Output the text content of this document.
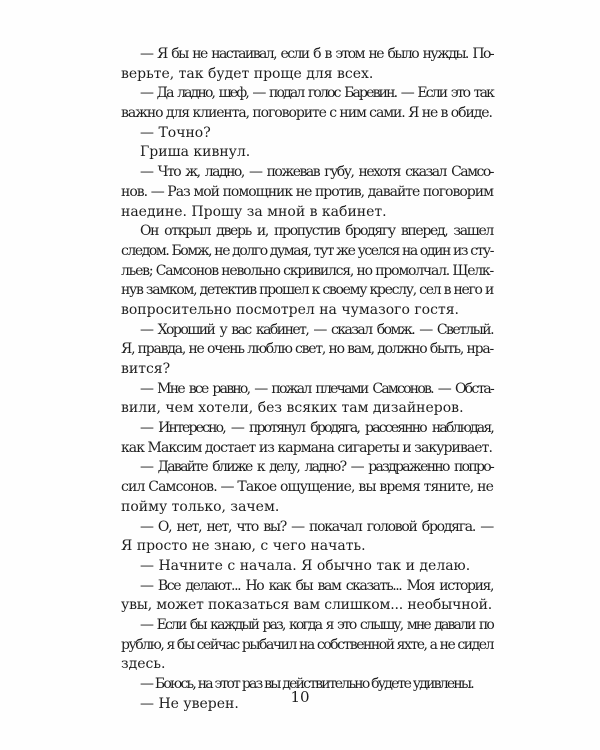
— Я бы не настаивал, если б в этом не было нужды. По-
верьте, так будет проще для всех.
— Да ладно, шеф, — подал голос Баревин. — Если это так
важно для клиента, поговорите с ним сами. Я не в обиде.
— Точно?
Гриша кивнул.
— Что ж, ладно, — пожевав губу, нехотя сказал Самсо-
нов. — Раз мой помощник не против, давайте поговорим
наедине. Прошу за мной в кабинет.
Он открыл дверь и, пропустив бродягу вперед, зашел
следом. Бомж, не долго думая, тут же уселся на один из сту-
льев; Самсонов невольно скривился, но промолчал. Щелк-
нув замком, детектив прошел к своему креслу, сел в него и
вопросительно посмотрел на чумазого гостя.
— Хороший у вас кабинет, — сказал бомж. — Светлый.
Я, правда, не очень люблю свет, но вам, должно быть, нра-
вится?
— Мне все равно, — пожал плечами Самсонов. — Обста-
вили, чем хотели, без всяких там дизайнеров.
— Интересно, — протянул бродяга, рассеянно наблюдая,
как Максим достает из кармана сигареты и закуривает.
— Давайте ближе к делу, ладно? — раздраженно попро-
сил Самсонов. — Такое ощущение, вы время тяните, не
пойму только, зачем.
— О, нет, нет, что вы? — покачал головой бродяга. —
Я просто не знаю, с чего начать.
— Начните с начала. Я обычно так и делаю.
— Все делают... Но как бы вам сказать... Моя история,
увы, может показаться вам слишком... необычной.
— Если бы каждый раз, когда я это слышу, мне давали по
рублю, я бы сейчас рыбачил на собственной яхте, а не сидел
здесь.
— Боюсь, на этот раз вы действительно будете удивлены.
— Не уверен.	10
